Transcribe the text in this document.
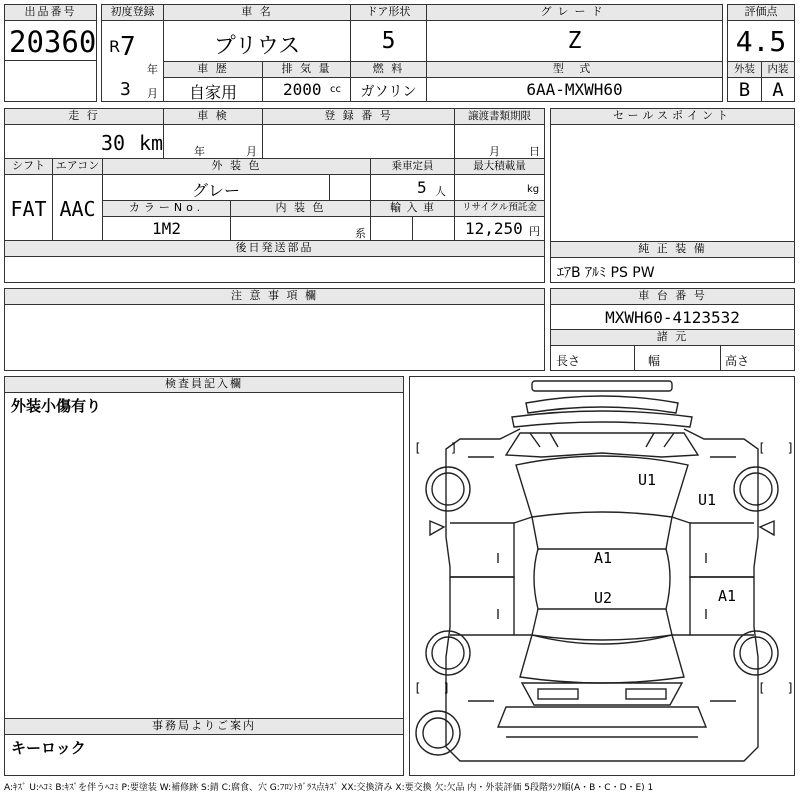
出品番号
20360
初度登録
R 7
年
3 月
車 名
プリウス
ドア形状
5
グレード
Z
評価点
4.5
外装	内装
B	A
車 歴
自家用
排 気 量
2000 cc
燃 料
ガソリン
型 式
6AA-MXWH60
走 行
30 km
車 検
年	月
登 録 番 号	譲渡書類期限
月	日
シフト
FAT
エアコン
AAC
外 装 色
グレー
乗車定員
5 人
最大積載量
kg
カラーNo.
1M2
内 装 色
系
輸 入 車	リサイクル預託金
12,250 円
後日発送部品
セールスポイント
純 正 装 備
ｴｱB ｱﾙﾐ PS PW
注 意 事 項 欄	車 台 番 号
MXWH60-4123532
諸 元
長さ	幅	高さ
検査員記入欄
外装小傷有り
事務局よりご案内
キーロック
[    ]	[   ]
[   ]	[   ]
U1
U1
A1
U2	A1
A:ｷｽﾞ U:ﾍｺﾐ B:ｷｽﾞを伴うﾍｺﾐ P:要塗装 W:補修跡 S:錆 C:腐食、穴 G:ﾌﾛﾝﾄｶﾞﾗｽ点ｷｽﾞ XX:交換済み X:要交換 欠:欠品 内・外装評価 5段階ﾗﾝｸ順(A・B・C・D・E) 1
